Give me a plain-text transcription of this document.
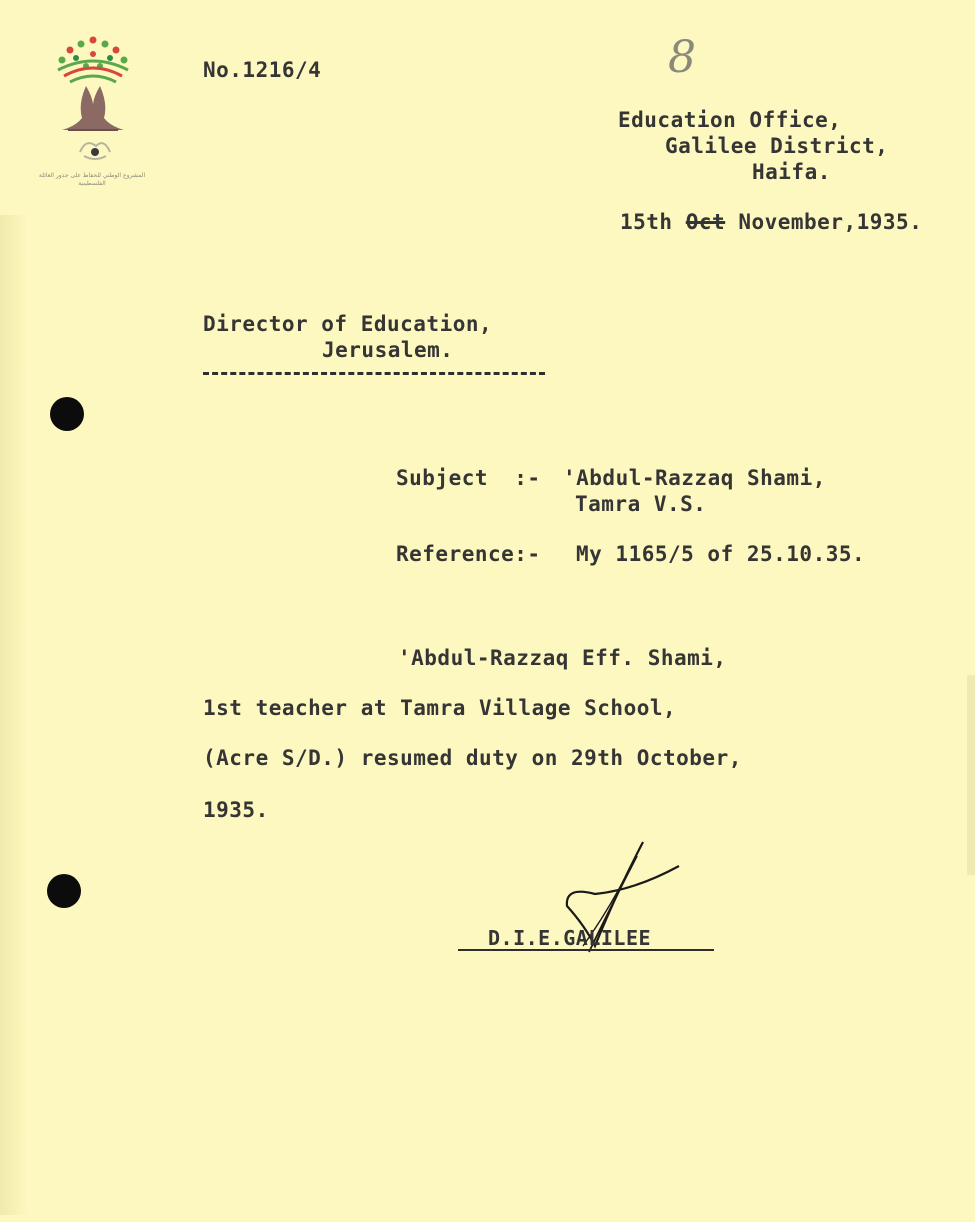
المشروع الوطني للحفاظ على جذور العائلة الفلسطينية
8
No.1216/4
Education Office,
Galilee District,
Haifa.
15th Oct November,1935.
Director of Education,
Jerusalem.
Subject  :- 'Abdul-Razzaq Shami,
Tamra V.S.
Reference:- My 1165/5 of 25.10.35.
'Abdul-Razzaq Eff. Shami,
1st teacher at Tamra Village School,
(Acre S/D.) resumed duty on 29th October,
1935.
D.I.E.GALILEE
